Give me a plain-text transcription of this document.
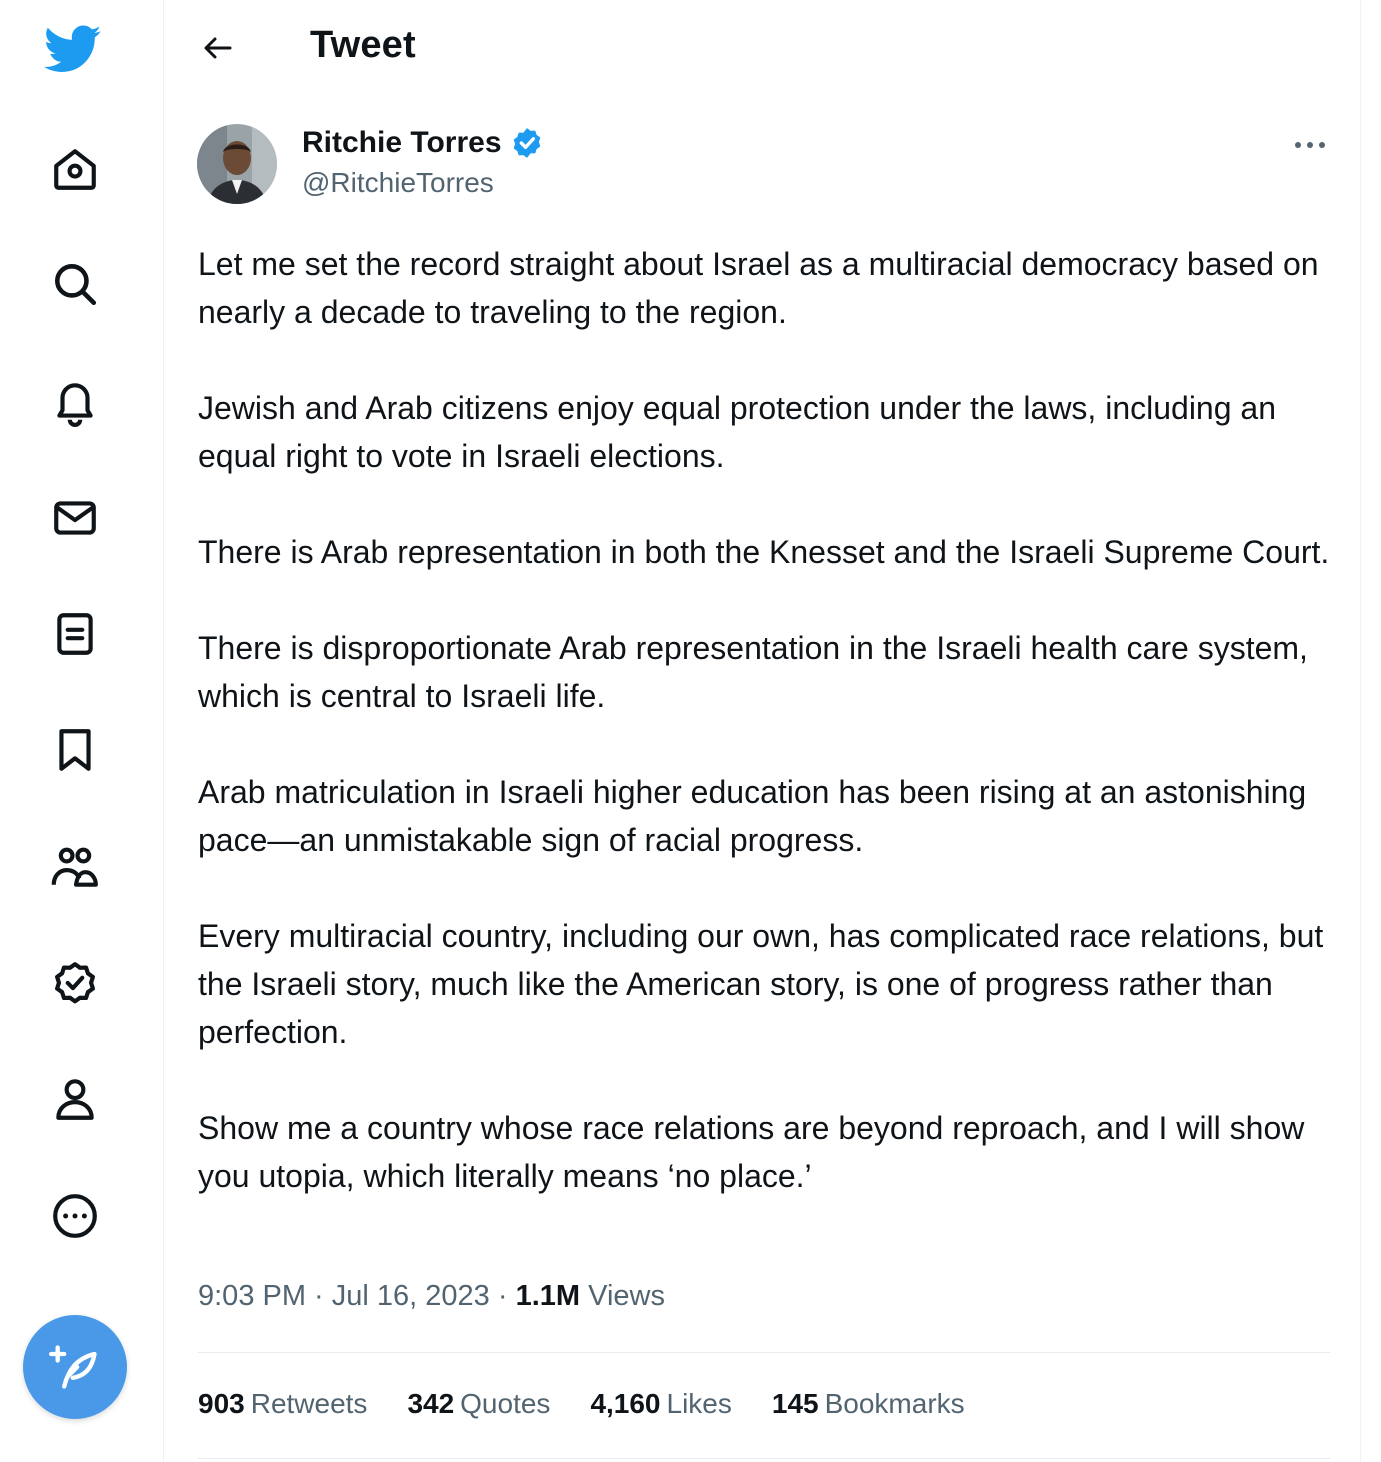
Tweet
Ritchie Torres
@RitchieTorres

Let me set the record straight about Israel as a multiracial democracy based on nearly a decade to traveling to the region.

Jewish and Arab citizens enjoy equal protection under the laws, including an equal right to vote in Israeli elections.

There is Arab representation in both the Knesset and the Israeli Supreme Court.

There is disproportionate Arab representation in the Israeli health care system, which is central to Israeli life.

Arab matriculation in Israeli higher education has been rising at an astonishing pace—an unmistakable sign of racial progress.

Every multiracial country, including our own, has complicated race relations, but the Israeli story, much like the American story, is one of progress rather than perfection.

Show me a country whose race relations are beyond reproach, and I will show you utopia, which literally means ‘no place.’

9:03 PM · Jul 16, 2023 · 1.1M Views
903 Retweets 342 Quotes 4,160 Likes 145 Bookmarks
